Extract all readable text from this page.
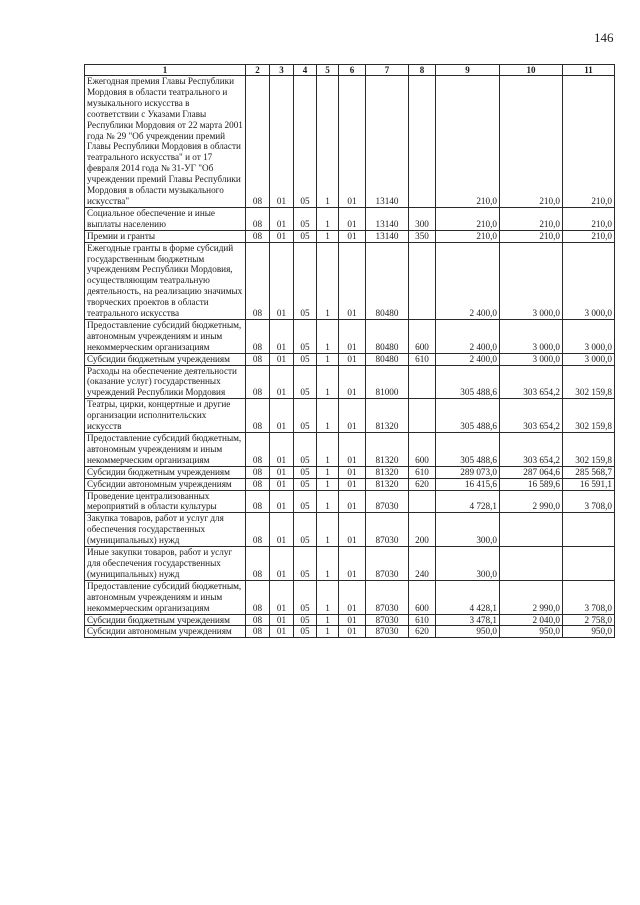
146
1	2	3	4	5	6	7	8	9	10	11
Ежегодная премия Главы Республики Мордовия в области театрального и музыкального искусства в соответствии с Указами Главы Республики Мордовия от 22 марта 2001 года № 29 "Об учреждении премий Главы Республики Мордовия в области театрального искусства" и от 17 февраля 2014 года № 31-УГ "Об учреждении премий Главы Республики Мордовия в области музыкального искусства"	08	01	05	1	01	13140		210,0	210,0	210,0
Социальное обеспечение и иные выплаты населению	08	01	05	1	01	13140	300	210,0	210,0	210,0
Премии и гранты	08	01	05	1	01	13140	350	210,0	210,0	210,0
Ежегодные гранты в форме субсидий государственным бюджетным учреждениям Республики Мордовия, осуществляющим театральную деятельность, на реализацию значимых творческих проектов в области театрального искусства	08	01	05	1	01	80480		2 400,0	3 000,0	3 000,0
Предоставление субсидий бюджетным, автономным учреждениям и иным некоммерческим организациям	08	01	05	1	01	80480	600	2 400,0	3 000,0	3 000,0
Субсидии бюджетным учреждениям	08	01	05	1	01	80480	610	2 400,0	3 000,0	3 000,0
Расходы на обеспечение деятельности (оказание услуг) государственных учреждений Республики Мордовия	08	01	05	1	01	81000		305 488,6	303 654,2	302 159,8
Театры, цирки, концертные и другие организации исполнительских искусств	08	01	05	1	01	81320		305 488,6	303 654,2	302 159,8
Предоставление субсидий бюджетным, автономным учреждениям и иным некоммерческим организациям	08	01	05	1	01	81320	600	305 488,6	303 654,2	302 159,8
Субсидии бюджетным учреждениям	08	01	05	1	01	81320	610	289 073,0	287 064,6	285 568,7
Субсидии автономным учреждениям	08	01	05	1	01	81320	620	16 415,6	16 589,6	16 591,1
Проведение централизованных мероприятий в области культуры	08	01	05	1	01	87030		4 728,1	2 990,0	3 708,0
Закупка товаров, работ и услуг для обеспечения государственных (муниципальных) нужд	08	01	05	1	01	87030	200	300,0		
Иные закупки товаров, работ и услуг для обеспечения государственных (муниципальных) нужд	08	01	05	1	01	87030	240	300,0		
Предоставление субсидий бюджетным, автономным учреждениям и иным некоммерческим организациям	08	01	05	1	01	87030	600	4 428,1	2 990,0	3 708,0
Субсидии бюджетным учреждениям	08	01	05	1	01	87030	610	3 478,1	2 040,0	2 758,0
Субсидии автономным учреждениям	08	01	05	1	01	87030	620	950,0	950,0	950,0
